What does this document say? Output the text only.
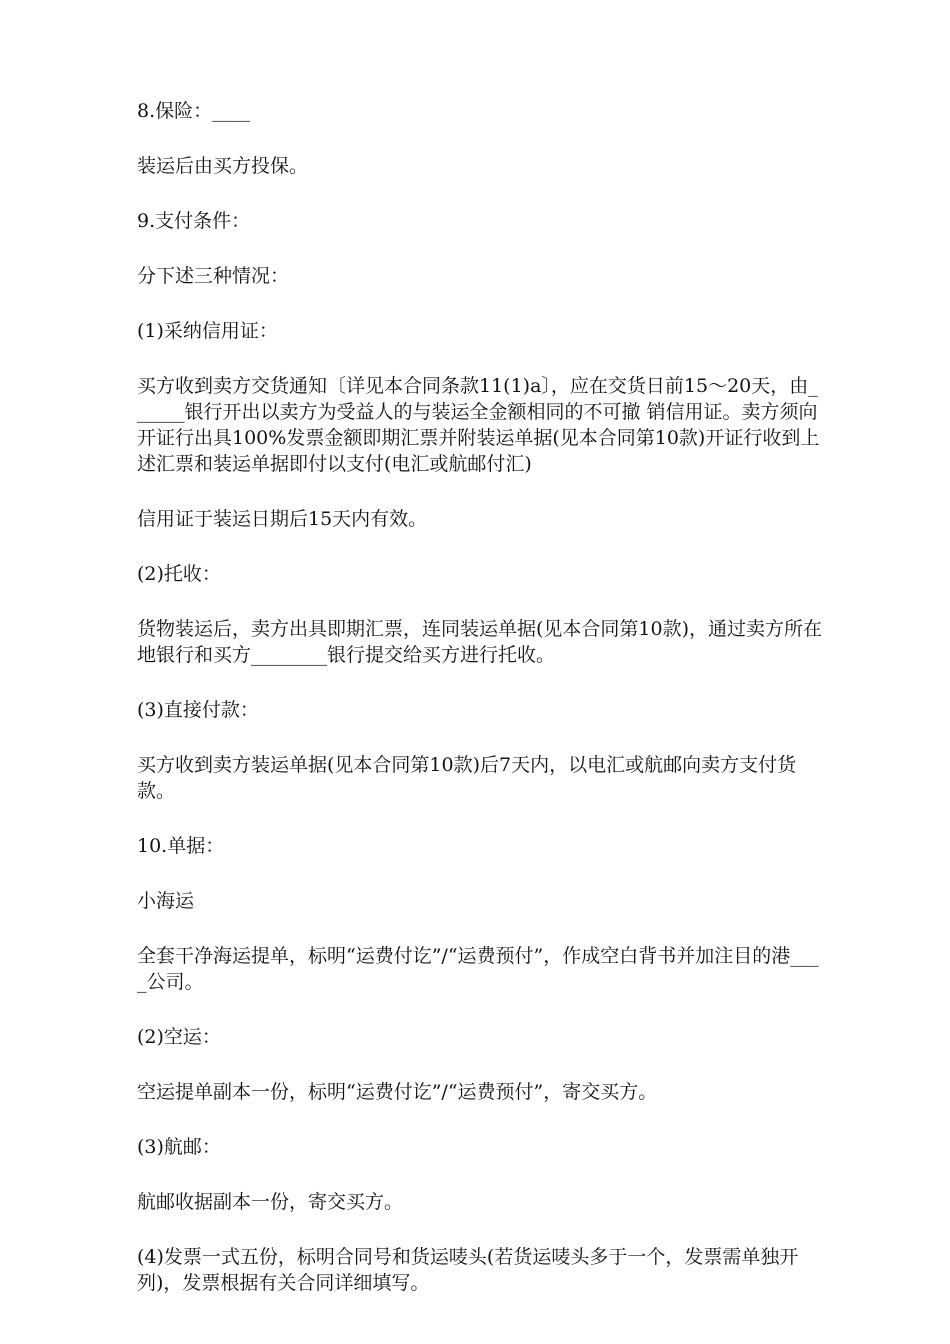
8.保险：____

装运后由买方投保。

9.支付条件：

分下述三种情况：

(1)采纳信用证：

买方收到卖方交货通知〔详见本合同条款11(1)a〕，应在交货日前15～20天，由______银行开出以卖方为受益人的与装运全金额相同的不可撤 销信用证。卖方须向开证行出具100%发票金额即期汇票并附装运单据(见本合同第10款)开证行收到上述汇票和装运单据即付以支付(电汇或航邮付汇)

信用证于装运日期后15天内有效。

(2)托收：

货物装运后，卖方出具即期汇票，连同装运单据(见本合同第10款)，通过卖方所在地银行和买方________银行提交给买方进行托收。

(3)直接付款：

买方收到卖方装运单据(见本合同第10款)后7天内，以电汇或航邮向卖方支付货款。

10.单据：

小海运

全套干净海运提单，标明“运费付讫”/“运费预付”，作成空白背书并加注目的港____公司。

(2)空运：

空运提单副本一份，标明“运费付讫”/“运费预付”，寄交买方。

(3)航邮：

航邮收据副本一份，寄交买方。

(4)发票一式五份，标明合同号和货运唛头(若货运唛头多于一个，发票需单独开列)，发票根据有关合同详细填写。
